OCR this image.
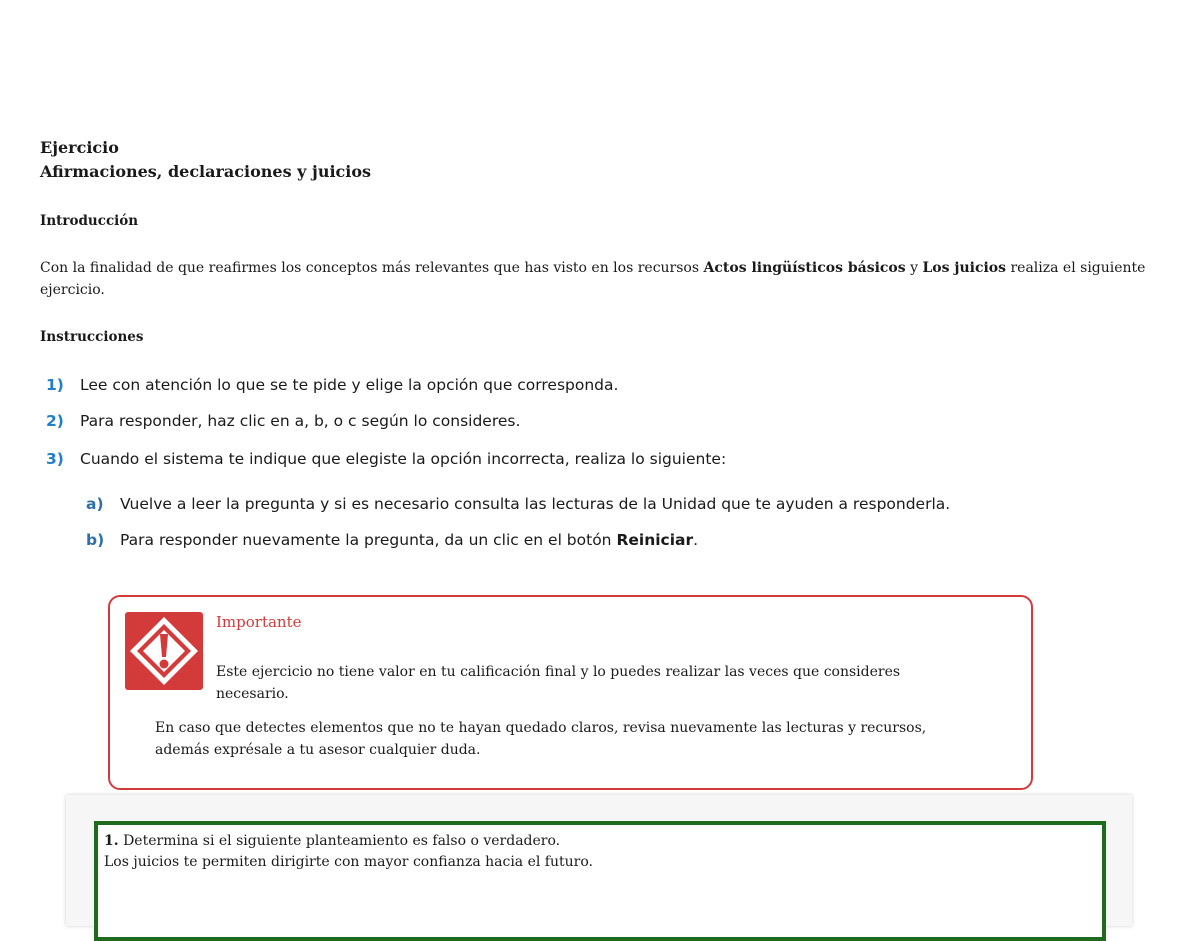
Ejercicio
Afirmaciones, declaraciones y juicios
Introducción

Con la finalidad de que reafirmes los conceptos más relevantes que has visto en los recursos Actos lingüísticos básicos y Los juicios realiza el siguiente ejercicio.

Instrucciones
1) Lee con atención lo que se te pide y elige la opción que corresponda.
2) Para responder, haz clic en a, b, o c según lo consideres.
3) Cuando el sistema te indique que elegiste la opción incorrecta, realiza lo siguiente:
a) Vuelve a leer la pregunta y si es necesario consulta las lecturas de la Unidad que te ayuden a responderla.
b) Para responder nuevamente la pregunta, da un clic en el botón Reiniciar.

Importante

Este ejercicio no tiene valor en tu calificación final y lo puedes realizar las veces que consideres necesario.

En caso que detectes elementos que no te hayan quedado claros, revisa nuevamente las lecturas y recursos, además exprésale a tu asesor cualquier duda.

1. Determina si el siguiente planteamiento es falso o verdadero.
Los juicios te permiten dirigirte con mayor confianza hacia el futuro.
